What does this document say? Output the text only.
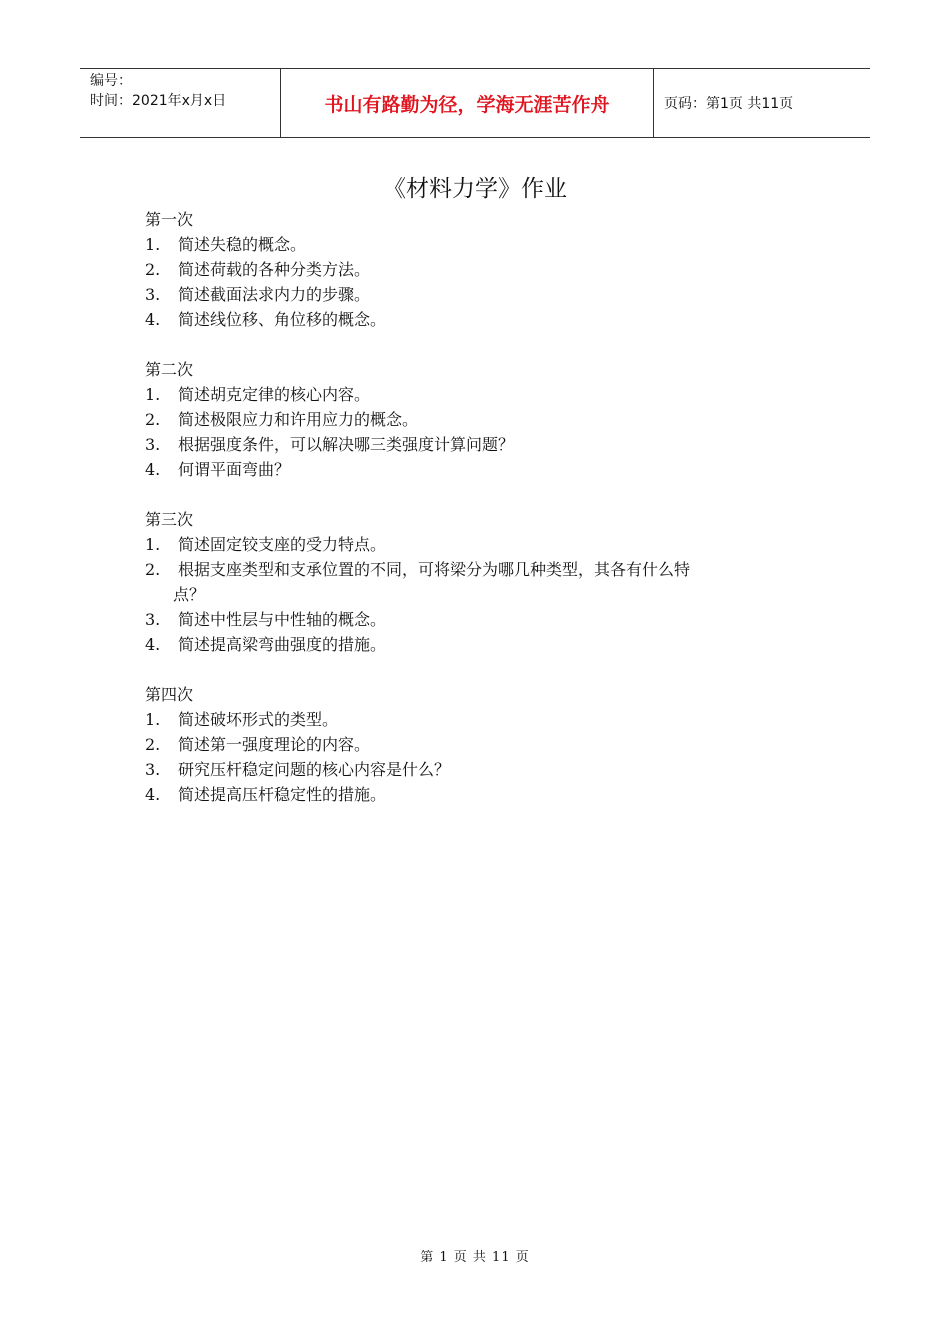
编号：
时间：2021年x月x日	书山有路勤为径，学海无涯苦作舟	页码：第1页 共11页
《材料力学》作业
第一次
1.	简述失稳的概念。
2.	简述荷载的各种分类方法。
3.	简述截面法求内力的步骤。
4.	简述线位移、角位移的概念。
第二次
1.	简述胡克定律的核心内容。
2.	简述极限应力和许用应力的概念。
3.	根据强度条件，可以解决哪三类强度计算问题？
4.	何谓平面弯曲？
第三次
1.	简述固定铰支座的受力特点。
2.	根据支座类型和支承位置的不同，可将梁分为哪几种类型，其各有什么特
点？
3.	简述中性层与中性轴的概念。
4.	简述提高梁弯曲强度的措施。
第四次
1.	简述破坏形式的类型。
2.	简述第一强度理论的内容。
3.	研究压杆稳定问题的核心内容是什么？
4.	简述提高压杆稳定性的措施。
第 1 页 共 11 页
